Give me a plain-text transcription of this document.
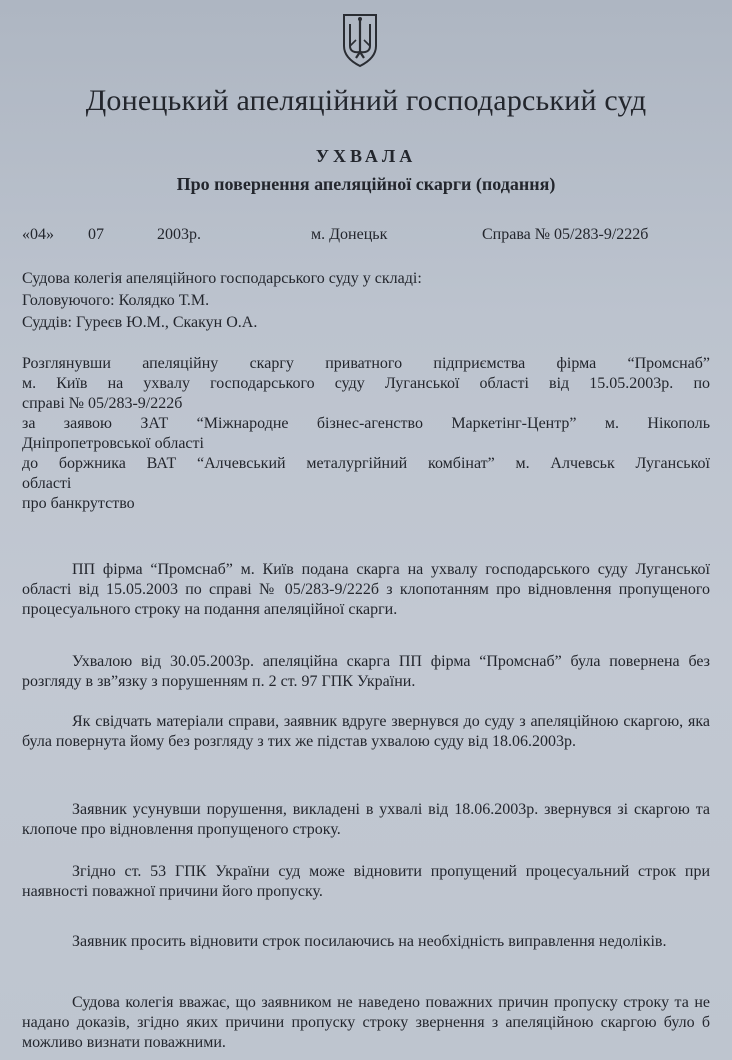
Донецький апеляційний господарський суд
УХВАЛА
Про повернення апеляційної скарги (подання)
«04» 07	2003р.	м. Донецьк	Справа № 05/283-9/222б
Судова колегія апеляційного господарського суду у складі:
Головуючого: Колядко Т.М.
Суддів: Гуреєв Ю.М., Скакун О.А.
Розглянувши апеляційну скаргу приватного підприємства фірма “Промснаб”
м. Київ на ухвалу господарського суду Луганської області від 15.05.2003р. по
справі № 05/283-9/222б
за заявою ЗАТ “Міжнародне бізнес-агенство Маркетінг-Центр” м. Нікополь
Дніпропетровської області
до боржника ВАТ “Алчевський металургійний комбінат” м. Алчевськ Луганської
області
про банкрутство

ПП фірма “Промснаб” м. Київ подана скарга на ухвалу господарського суду Луганської області від 15.05.2003 по справі № 05/283-9/222б з клопотанням про відновлення пропущеного процесуального строку на подання апеляційної скарги.

Ухвалою від 30.05.2003р. апеляційна скарга ПП фірма “Промснаб” була повернена без розгляду в зв”язку з порушенням п. 2 ст. 97 ГПК України.

Як свідчать матеріали справи, заявник вдруге звернувся до суду з апеляційною скаргою, яка була повернута йому без розгляду з тих же підстав ухвалою суду від 18.06.2003р.

Заявник усунувши порушення, викладені в ухвалі від 18.06.2003р. звернувся зі скаргою та клопоче про відновлення пропущеного строку.

Згідно ст. 53 ГПК України суд може відновити пропущений процесуальний строк при наявності поважної причини його пропуску.

Заявник просить відновити строк посилаючись на необхідність виправлення недоліків.

Судова колегія вважає, що заявником не наведено поважних причин пропуску строку та не надано доказів, згідно яких причини пропуску строку звернення з апеляційною скаргою було б можливо визнати поважними.
